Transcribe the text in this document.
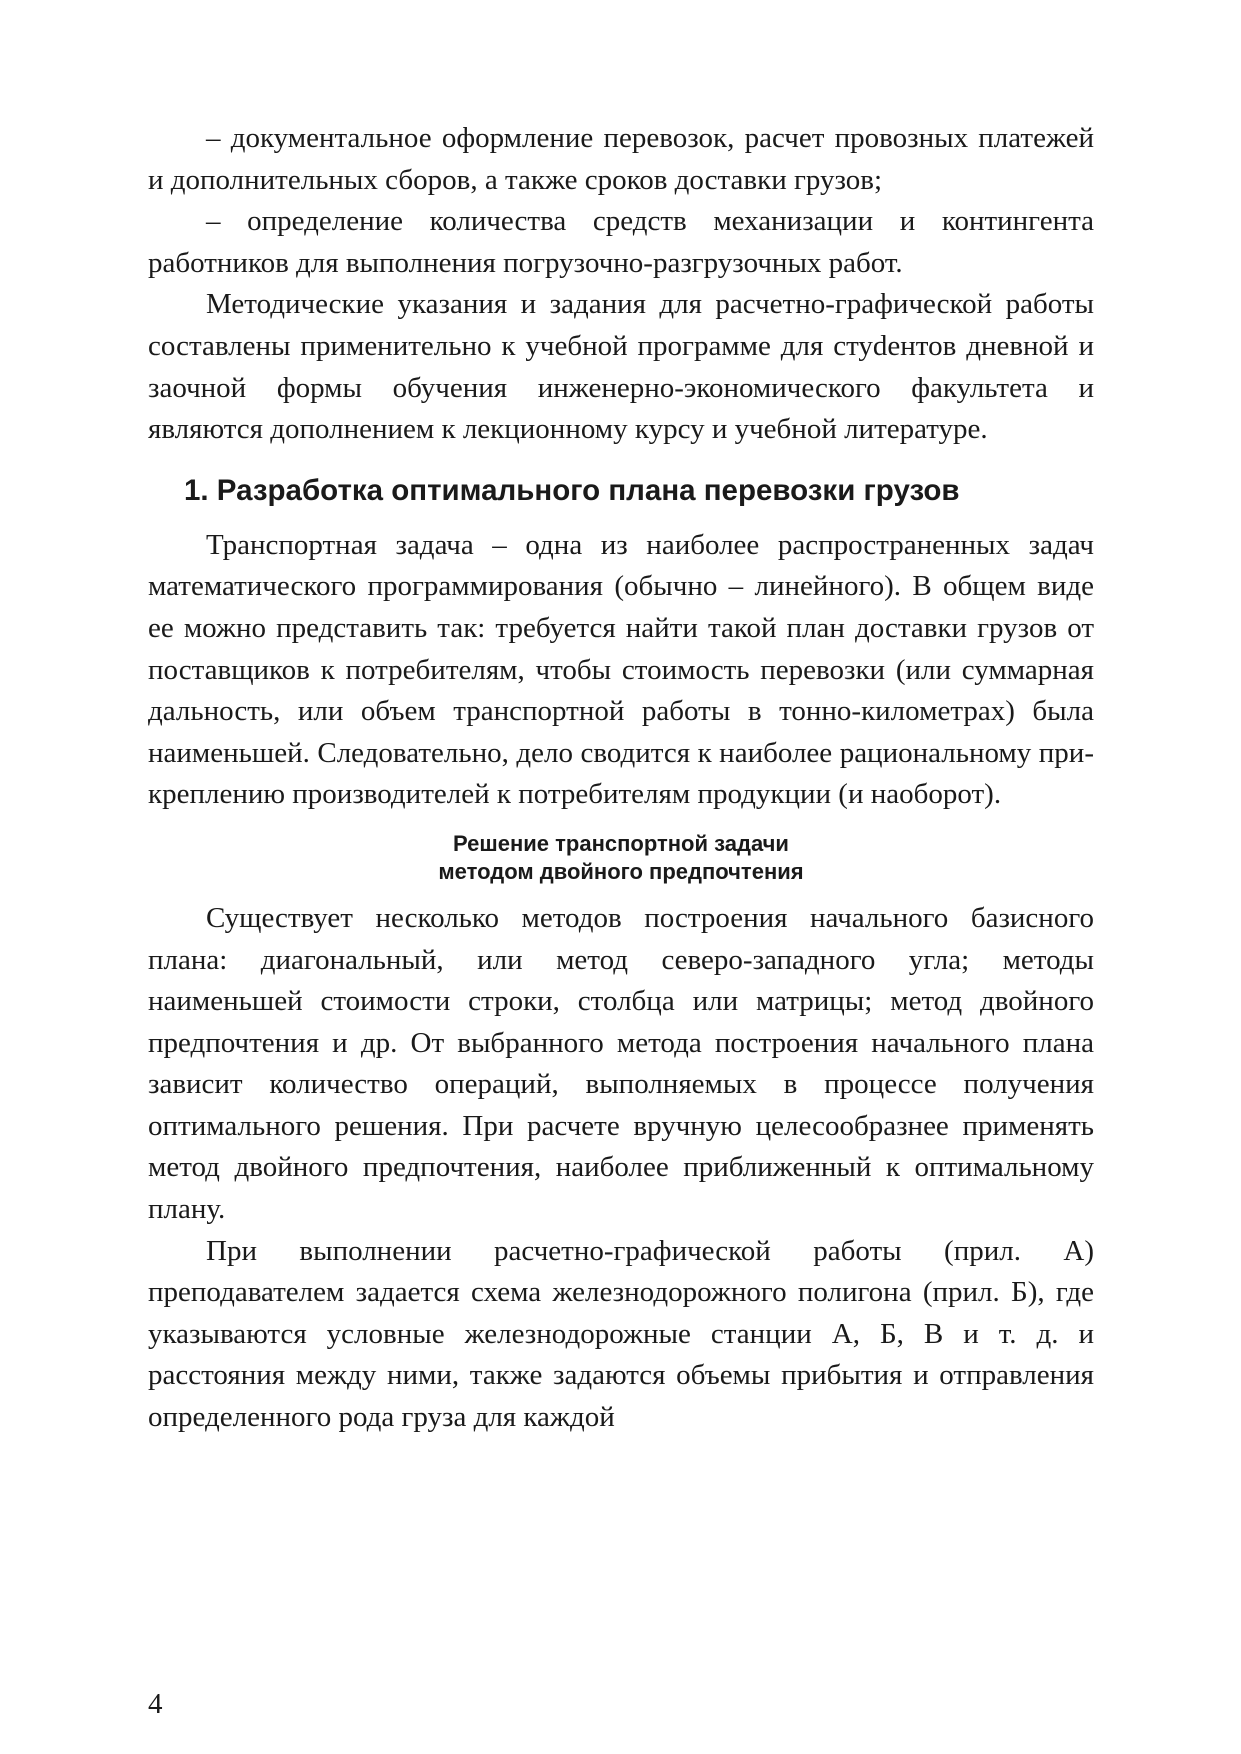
– документальное оформление перевозок, расчет провозных платежей и дополнительных сборов, а также сроков доставки грузов;

– определение количества средств механизации и контингента работников для выполнения погрузочно-разгрузочных работ.

Методические указания и задания для расчетно-графической работы составлены применительно к учебной программе для стуdентов дневной и заочной формы обучения инженерно-экономического факультета и являются дополнением к лекционному курсу и учебной литературе.

1. Разработка оптимального плана перевозки грузов

Транспортная задача – одна из наиболее распространенных задач математического программирования (обычно – линейного). В общем виде ее можно представить так: требуется найти такой план доставки грузов от поставщиков к потребителям, чтобы стоимость перевозки (или суммарная дальность, или объем транспортной работы в тонно-километрах) была наименьшей. Следовательно, дело сводится к наиболее рациональному прикреплению производителей к потребителям продукции (и наоборот).

Решение транспортной задачи
методом двойного предпочтения

Существует несколько методов построения начального базисного плана: диагональный, или метод северо-западного угла; методы наименьшей стоимости строки, столбца или матрицы; метод двойного предпочтения и др. От выбранного метода построения начального плана зависит количество операций, выполняемых в процессе получения оптимального решения. При расчете вручную целесообразнее применять метод двойного предпочтения, наиболее приближенный к оптимальному плану.

При выполнении расчетно-графической работы (прил. А) преподавателем задается схема железнодорожного полигона (прил. Б), где указываются условные железнодорожные станции А, Б, В и т. д. и расстояния между ними, также задаются объемы прибытия и отправления определенного рода груза для каждой

4
